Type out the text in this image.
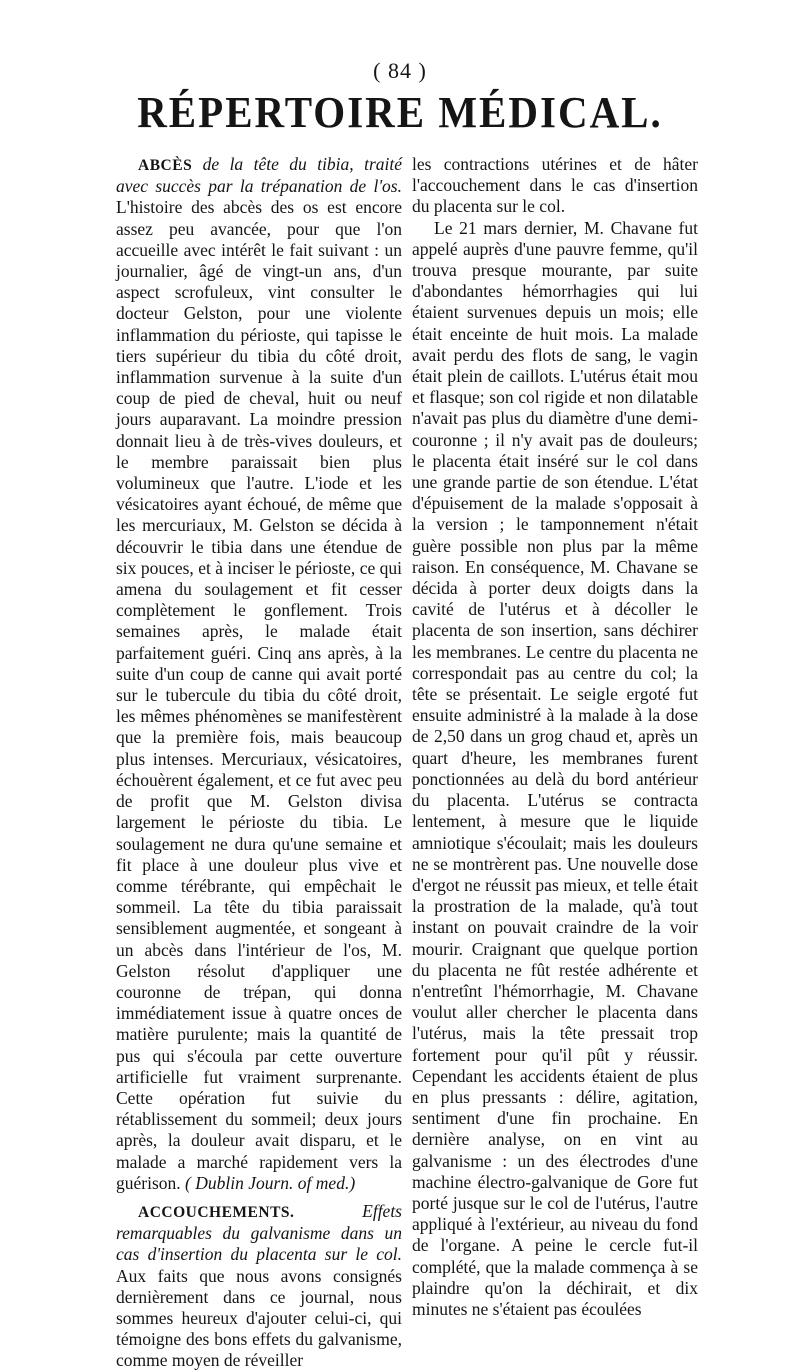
( 84 )
RÉPERTOIRE MÉDICAL.

ABCÈS de la tête du tibia, traité avec succès par la trépanation de l'os. L'histoire des abcès des os est encore assez peu avancée, pour que l'on accueille avec intérêt le fait suivant : un journalier, âgé de vingt-un ans, d'un aspect scrofuleux, vint consulter le docteur Gelston, pour une violente inflammation du périoste, qui tapisse le tiers supérieur du tibia du côté droit, inflammation survenue à la suite d'un coup de pied de cheval, huit ou neuf jours auparavant. La moindre pression donnait lieu à de très-vives douleurs, et le membre paraissait bien plus volumineux que l'autre. L'iode et les vésicatoires ayant échoué, de même que les mercuriaux, M. Gelston se décida à découvrir le tibia dans une étendue de six pouces, et à inciser le périoste, ce qui amena du soulagement et fit cesser complètement le gonflement. Trois semaines après, le malade était parfaitement guéri. Cinq ans après, à la suite d'un coup de canne qui avait porté sur le tubercule du tibia du côté droit, les mêmes phénomènes se manifestèrent que la première fois, mais beaucoup plus intenses. Mercuriaux, vésicatoires, échouèrent également, et ce fut avec peu de profit que M. Gelston divisa largement le périoste du tibia. Le soulagement ne dura qu'une semaine et fit place à une douleur plus vive et comme térébrante, qui empêchait le sommeil. La tête du tibia paraissait sensiblement augmentée, et songeant à un abcès dans l'intérieur de l'os, M. Gelston résolut d'appliquer une couronne de trépan, qui donna immédiatement issue à quatre onces de matière purulente; mais la quantité de pus qui s'écoula par cette ouverture artificielle fut vraiment surprenante. Cette opération fut suivie du rétablissement du sommeil; deux jours après, la douleur avait disparu, et le malade a marché rapidement vers la guérison. ( Dublin Journ. of med.)

ACCOUCHEMENTS.	Effets remarquables du galvanisme dans un cas d'insertion du placenta sur le col. Aux faits que nous avons consignés dernièrement dans ce journal, nous sommes heureux d'ajouter celui-ci, qui témoigne des bons effets du galvanisme, comme moyen de réveiller

les contractions utérines et de hâter l'accouchement dans le cas d'insertion du placenta sur le col.

Le 21 mars dernier, M. Chavane fut appelé auprès d'une pauvre femme, qu'il trouva presque mourante, par suite d'abondantes hémorrhagies qui lui étaient survenues depuis un mois; elle était enceinte de huit mois. La malade avait perdu des flots de sang, le vagin était plein de caillots. L'utérus était mou et flasque; son col rigide et non dilatable n'avait pas plus du diamètre d'une demi-couronne ; il n'y avait pas de douleurs; le placenta était inséré sur le col dans une grande partie de son étendue. L'état d'épuisement de la malade s'opposait à la version ; le tamponnement n'était guère possible non plus par la même raison. En conséquence, M. Chavane se décida à porter deux doigts dans la cavité de l'utérus et à décoller le placenta de son insertion, sans déchirer les membranes. Le centre du placenta ne correspondait pas au centre du col; la tête se présentait. Le seigle ergoté fut ensuite administré à la malade à la dose de 2,50 dans un grog chaud et, après un quart d'heure, les membranes furent ponctionnées au delà du bord antérieur du placenta. L'utérus se contracta lentement, à mesure que le liquide amniotique s'écoulait; mais les douleurs ne se montrèrent pas. Une nouvelle dose d'ergot ne réussit pas mieux, et telle était la prostration de la malade, qu'à tout instant on pouvait craindre de la voir mourir. Craignant que quelque portion du placenta ne fût restée adhérente et n'entretînt l'hémorrhagie, M. Chavane voulut aller chercher le placenta dans l'utérus, mais la tête pressait trop fortement pour qu'il pût y réussir. Cependant les accidents étaient de plus en plus pressants : délire, agitation, sentiment d'une fin prochaine. En dernière analyse, on en vint au galvanisme : un des électrodes d'une machine électro-galvanique de Gore fut porté jusque sur le col de l'utérus, l'autre appliqué à l'extérieur, au niveau du fond de l'organe. A peine le cercle fut-il complété, que la malade commença à se plaindre qu'on la déchirait, et dix minutes ne s'étaient pas écoulées
